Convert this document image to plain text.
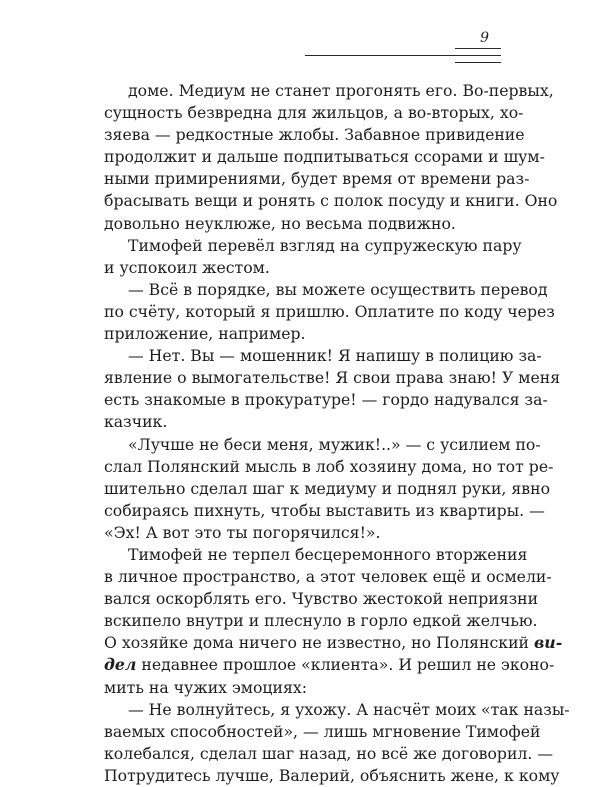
9
доме. Медиум не станет прогонять его. Во-первых,
сущность безвредна для жильцов, а во-вторых, хо-
зяева — редкостные жлобы. Забавное привидение
продолжит и дальше подпитываться ссорами и шум-
ными примирениями, будет время от времени раз-
брасывать вещи и ронять с полок посуду и книги. Оно
довольно неуклюже, но весьма подвижно.
Тимофей перевёл взгляд на супружескую пару
и успокоил жестом.
— Всё в порядке, вы можете осуществить перевод
по счёту, который я пришлю. Оплатите по коду через
приложение, например.
— Нет. Вы — мошенник! Я напишу в полицию за-
явление о вымогательстве! Я свои права знаю! У меня
есть знакомые в прокуратуре! — гордо надувался за-
казчик.
«Лучше не беси меня, мужик!..» — с усилием по-
слал Полянский мысль в лоб хозяину дома, но тот ре-
шительно сделал шаг к медиуму и поднял руки, явно
собираясь пихнуть, чтобы выставить из квартиры. —
«Эх! А вот это ты погорячился!».
Тимофей не терпел бесцеремонного вторжения
в личное пространство, а этот человек ещё и осмели-
вался оскорблять его. Чувство жестокой неприязни
вскипело внутри и плеснуло в горло едкой желчью.
О хозяйке дома ничего не известно, но Полянский ви-
дел недавнее прошлое «клиента». И решил не эконо-
мить на чужих эмоциях:
— Не волнуйтесь, я ухожу. А насчёт моих «так назы-
ваемых способностей», — лишь мгновение Тимофей
колебался, сделал шаг назад, но всё же договорил. —
Потрудитесь лучше, Валерий, объяснить жене, к кому
